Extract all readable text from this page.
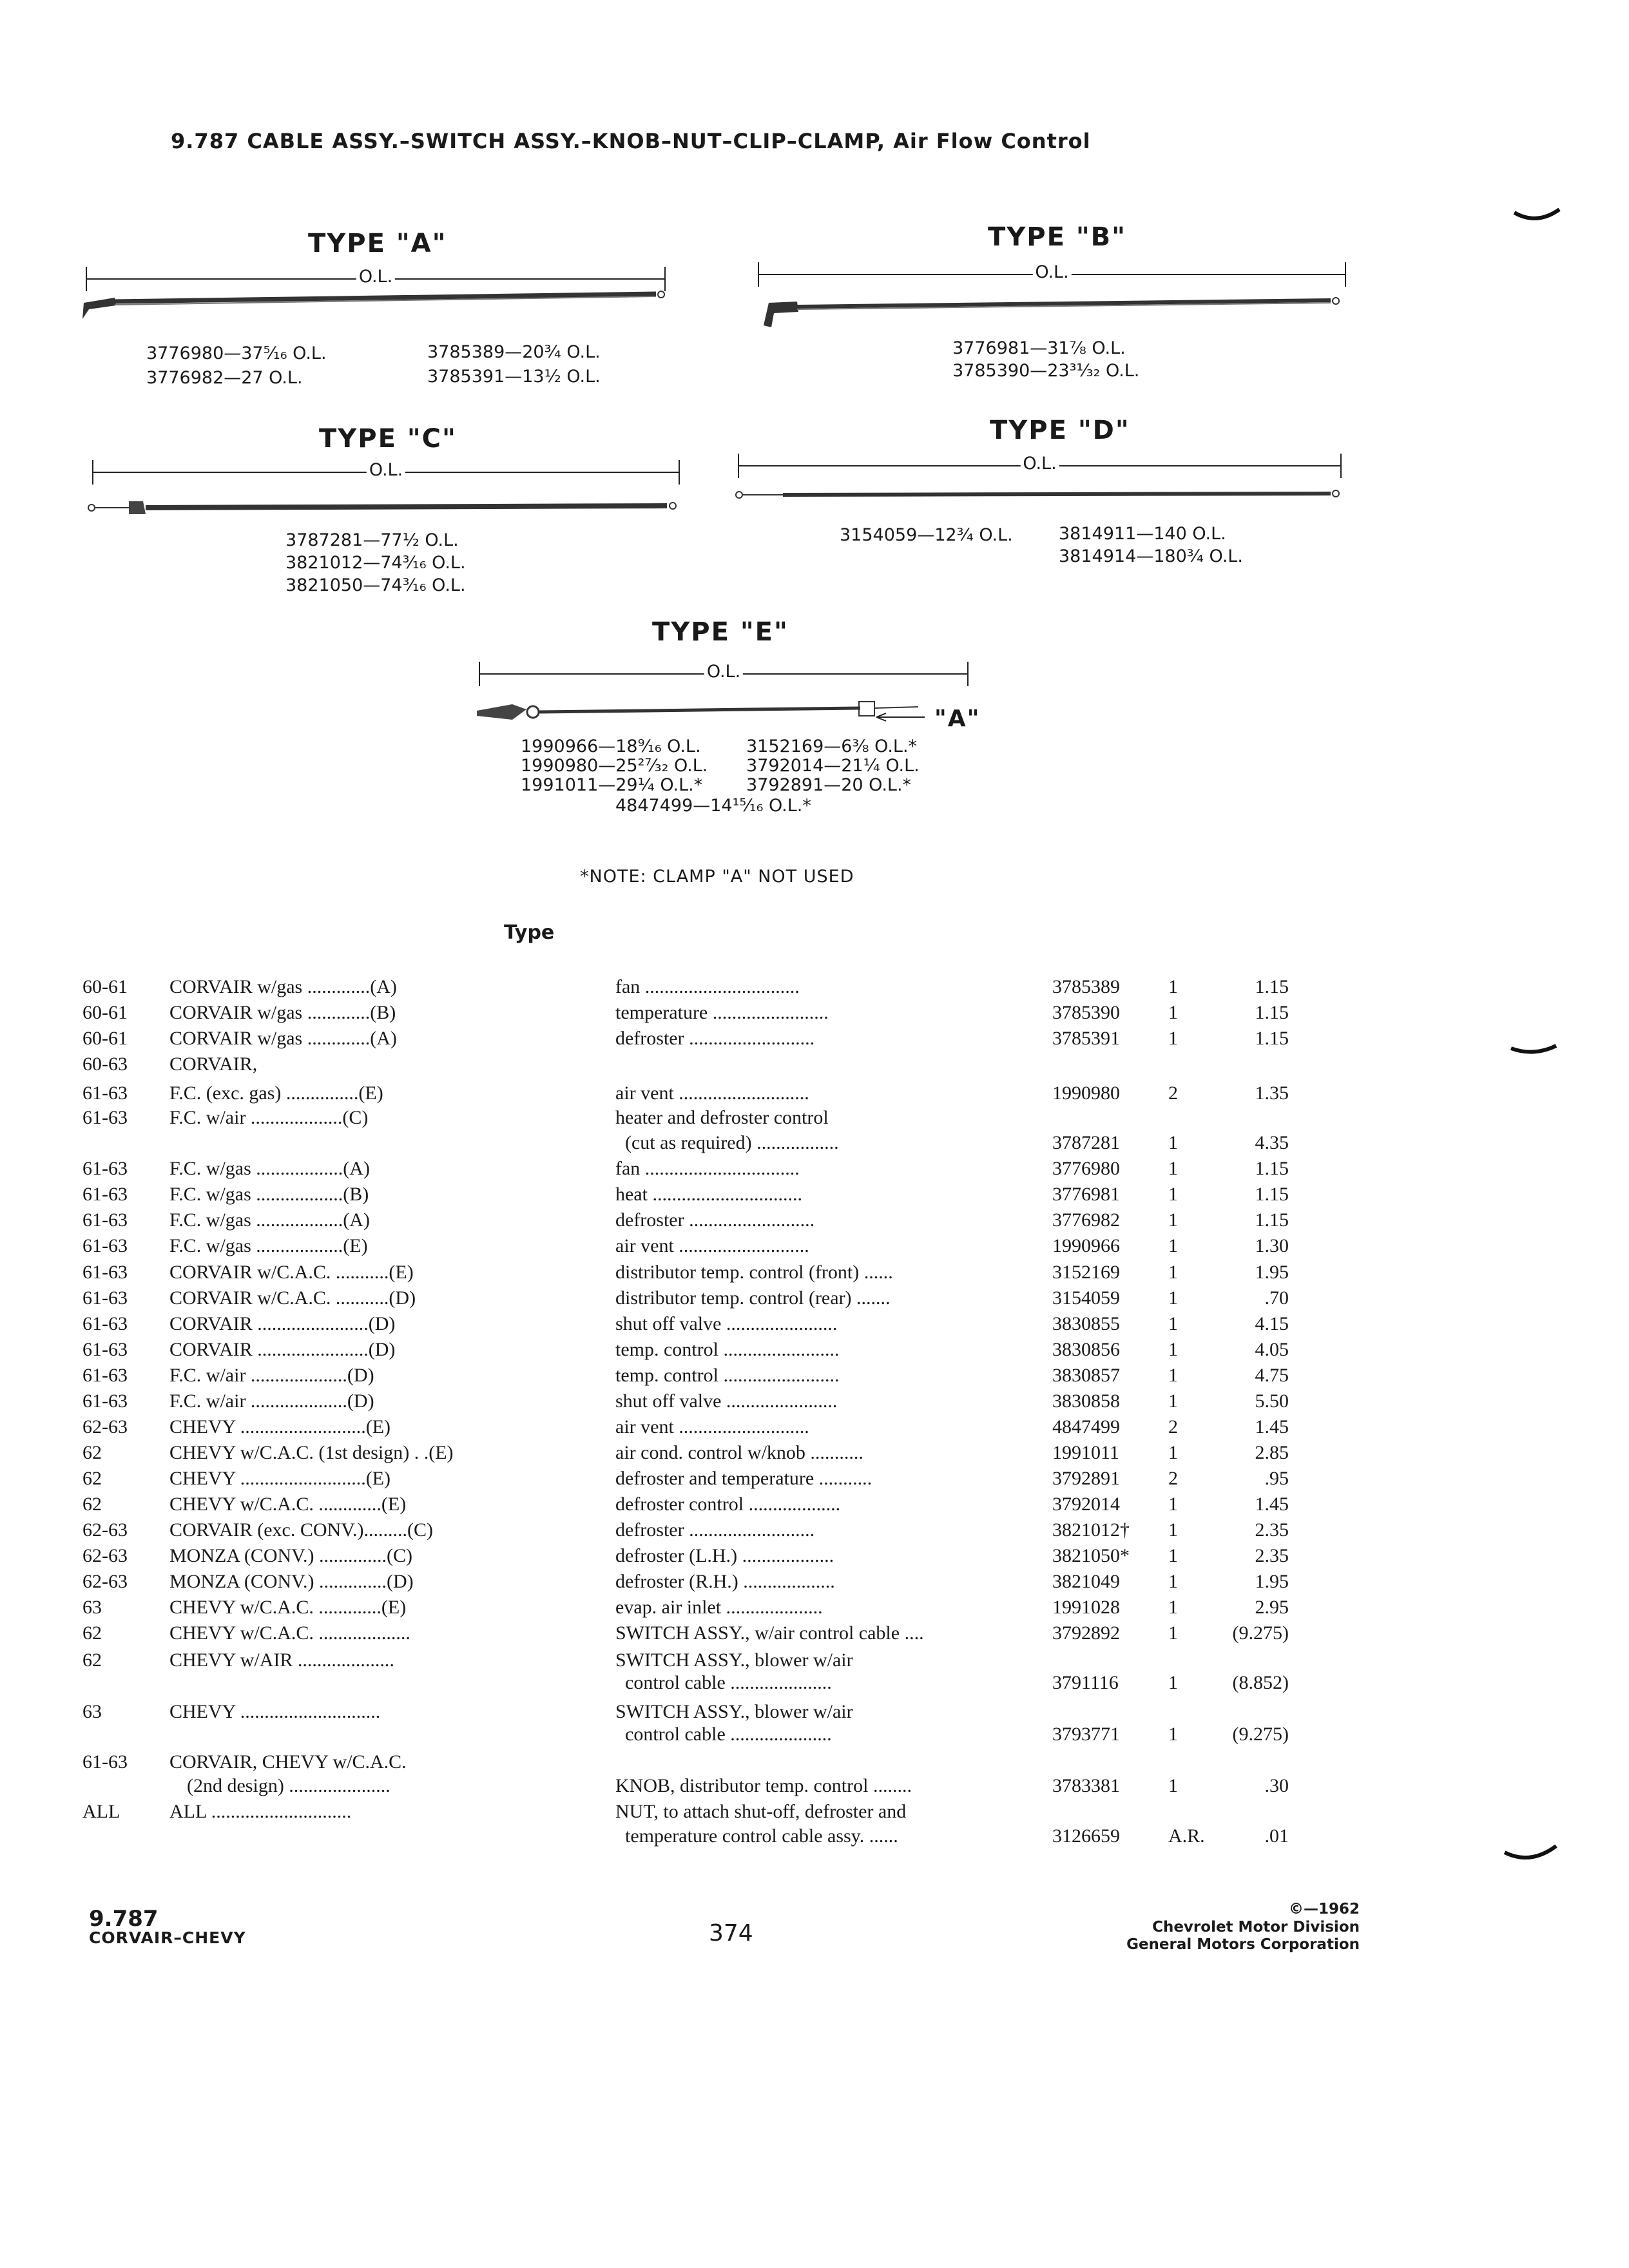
9.787 CABLE ASSY.–SWITCH ASSY.–KNOB–NUT–CLIP–CLAMP, Air Flow Control
TYPE "A"
O.L.
3776980—37⁵⁄₁₆ O.L.
3776982—27 O.L.
3785389—20¾ O.L.
3785391—13½ O.L.
TYPE "B"
O.L.
3776981—31⅞ O.L.
3785390—23³¹⁄₃₂ O.L.
TYPE "C"
O.L.
3787281—77½ O.L.
3821012—74³⁄₁₆ O.L.
3821050—74³⁄₁₆ O.L.
TYPE "D"
O.L.
3154059—12¾ O.L.	3814911—140 O.L.
3814914—180¾ O.L.
TYPE "E"
O.L.
"A"
1990966—18⁹⁄₁₆ O.L.
1990980—25²⁷⁄₃₂ O.L.
1991011—29¼ O.L.*
3152169—6⅜ O.L.*
3792014—21¼ O.L.
3792891—20 O.L.*
4847499—14¹⁵⁄₁₆ O.L.*
*NOTE: CLAMP "A" NOT USED
Type
60-61 CORVAIR w/gas .............(A)	fan ................................	3785389	1	1.15
60-61 CORVAIR w/gas .............(B)	temperature ........................	3785390	1	1.15
60-61 CORVAIR w/gas .............(A)	defroster ..........................	3785391	1	1.15
60-63 CORVAIR,
61-63 F.C. (exc. gas) ...............(E)	air vent ...........................	1990980	2	1.35
61-63 F.C. w/air ...................(C)	heater and defroster control
(cut as required) .................	3787281	1	4.35
61-63 F.C. w/gas ..................(A)	fan ................................	3776980	1	1.15
61-63 F.C. w/gas ..................(B)	heat ...............................	3776981	1	1.15
61-63 F.C. w/gas ..................(A)	defroster ..........................	3776982	1	1.15
61-63 F.C. w/gas ..................(E)	air vent ...........................	1990966	1	1.30
61-63 CORVAIR w/C.A.C. ...........(E)	distributor temp. control (front) ......	3152169	1	1.95
61-63 CORVAIR w/C.A.C. ...........(D)	distributor temp. control (rear) .......	3154059	1	.70
61-63 CORVAIR .......................(D)	shut off valve .......................	3830855	1	4.15
61-63 CORVAIR .......................(D)	temp. control ........................	3830856	1	4.05
61-63 F.C. w/air ....................(D)	temp. control ........................	3830857	1	4.75
61-63 F.C. w/air ....................(D)	shut off valve .......................	3830858	1	5.50
62-63 CHEVY ..........................(E)	air vent ...........................	4847499	2	1.45
62	CHEVY w/C.A.C. (1st design) . .(E)	air cond. control w/knob ...........	1991011	1	2.85
62	CHEVY ..........................(E)	defroster and temperature ...........	3792891	2	.95
62	CHEVY w/C.A.C. .............(E)	defroster control ...................	3792014	1	1.45
62-63 CORVAIR (exc. CONV.).........(C)	defroster ..........................	3821012† 1	2.35
62-63 MONZA (CONV.) ..............(C)	defroster (L.H.) ...................	3821050* 1	2.35
62-63 MONZA (CONV.) ..............(D)	defroster (R.H.) ...................	3821049	1	1.95
63	CHEVY w/C.A.C. .............(E)	evap. air inlet ....................	1991028	1	2.95
62	CHEVY w/C.A.C. ...................	SWITCH ASSY., w/air control cable ....	3792892	1	(9.275)
62	CHEVY w/AIR ....................	SWITCH ASSY., blower w/air
control cable .....................	3791116	1	(8.852)
63	CHEVY .............................	SWITCH ASSY., blower w/air
control cable .....................	3793771	1	(9.275)
61-63 CORVAIR, CHEVY w/C.A.C.
(2nd design) .....................	KNOB, distributor temp. control ........	3783381	1	.30
ALL	ALL .............................	NUT, to attach shut-off, defroster and
temperature control cable assy. ......	3126659	A.R.	.01
9.787
CORVAIR–CHEVY	374
©—1962
Chevrolet Motor Division
General Motors Corporation
